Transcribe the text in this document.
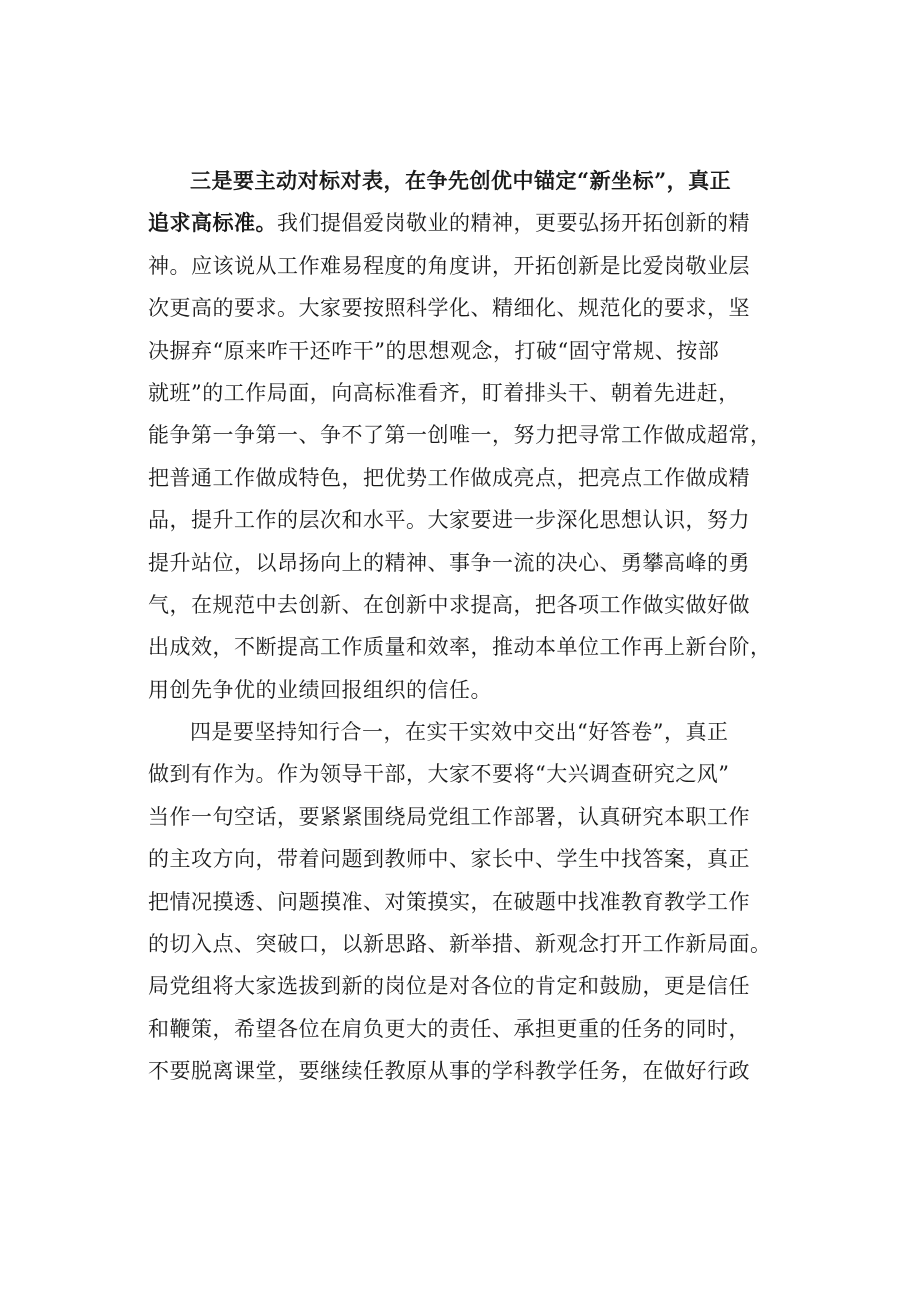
三是要主动对标对表，在争先创优中锚定“新坐标”，真正
追求高标准。我们提倡爱岗敬业的精神，更要弘扬开拓创新的精
神。应该说从工作难易程度的角度讲，开拓创新是比爱岗敬业层
次更高的要求。大家要按照科学化、精细化、规范化的要求，坚
决摒弃“原来咋干还咋干”的思想观念，打破“固守常规、按部
就班”的工作局面，向高标准看齐，盯着排头干、朝着先进赶，
能争第一争第一、争不了第一创唯一，努力把寻常工作做成超常，
把普通工作做成特色，把优势工作做成亮点，把亮点工作做成精
品，提升工作的层次和水平。大家要进一步深化思想认识，努力
提升站位，以昂扬向上的精神、事争一流的决心、勇攀高峰的勇
气，在规范中去创新、在创新中求提高，把各项工作做实做好做
出成效，不断提高工作质量和效率，推动本单位工作再上新台阶，
用创先争优的业绩回报组织的信任。
四是要坚持知行合一，在实干实效中交出“好答卷”，真正
做到有作为。作为领导干部，大家不要将“大兴调查研究之风”
当作一句空话，要紧紧围绕局党组工作部署，认真研究本职工作
的主攻方向，带着问题到教师中、家长中、学生中找答案，真正
把情况摸透、问题摸准、对策摸实，在破题中找准教育教学工作
的切入点、突破口，以新思路、新举措、新观念打开工作新局面。
局党组将大家选拔到新的岗位是对各位的肯定和鼓励，更是信任
和鞭策，希望各位在肩负更大的责任、承担更重的任务的同时，
不要脱离课堂，要继续任教原从事的学科教学任务，在做好行政
